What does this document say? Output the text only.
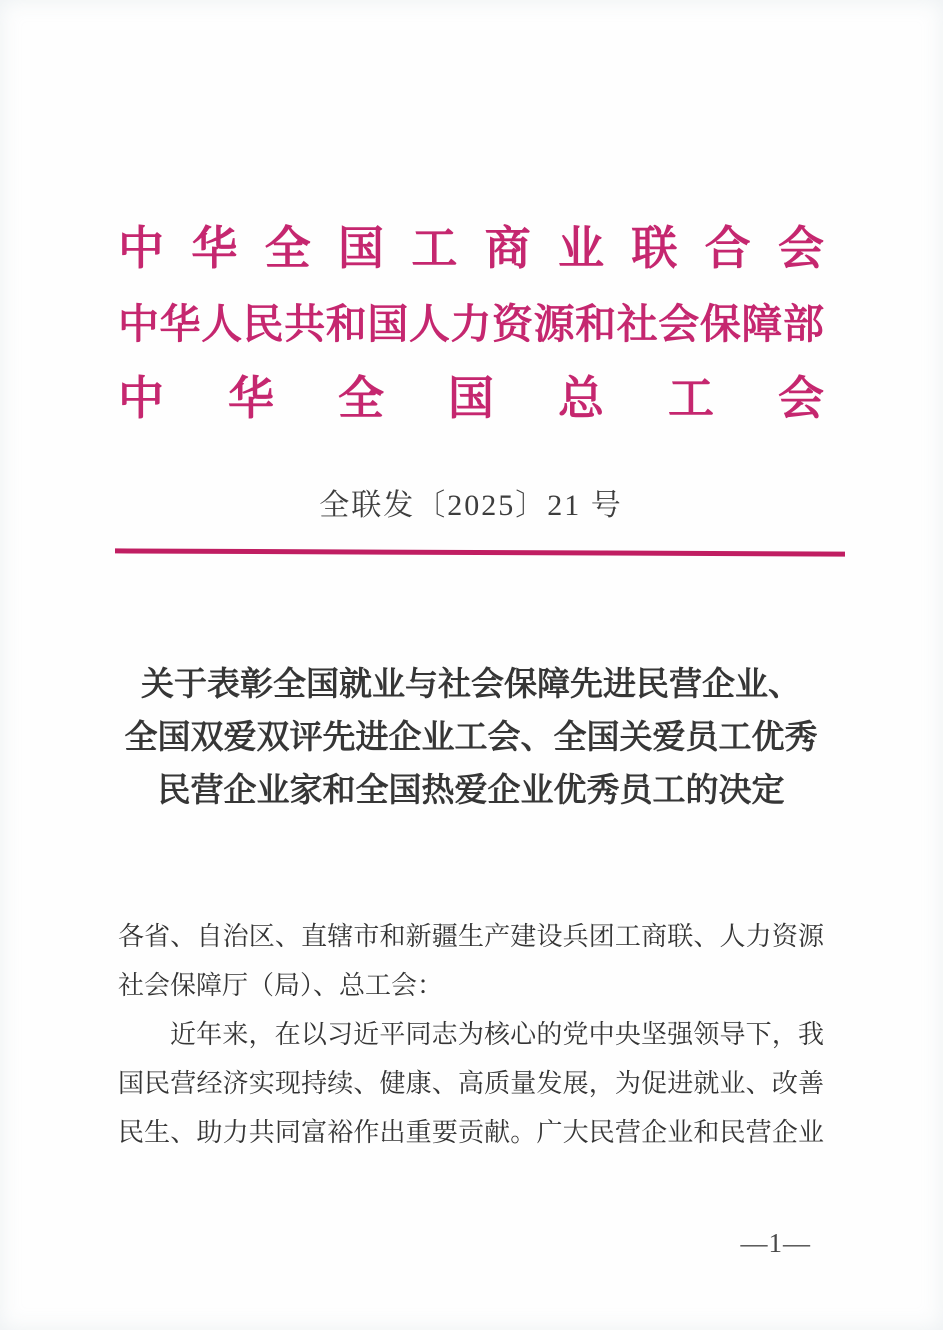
中华全国工商业联合会
中华人民共和国人力资源和社会保障部
中华全国总工会
全联发〔2025〕21 号
关于表彰全国就业与社会保障先进民营企业、
全国双爱双评先进企业工会、全国关爱员工优秀
民营企业家和全国热爱企业优秀员工的决定
各省、自治区、直辖市和新疆生产建设兵团工商联、人力资源
社会保障厅（局）、总工会：
近年来，在以习近平同志为核心的党中央坚强领导下，我
国民营经济实现持续、健康、高质量发展，为促进就业、改善
民生、助力共同富裕作出重要贡献。广大民营企业和民营企业
—1—
